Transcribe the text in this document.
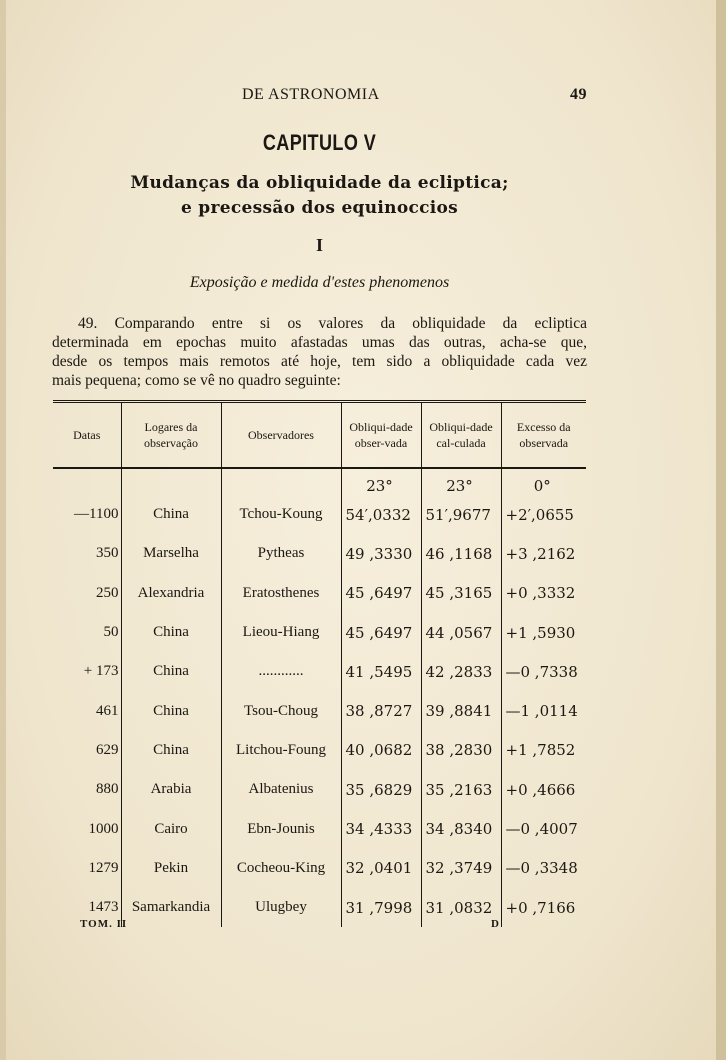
DE ASTRONOMIA	49
CAPITULO V
Mudanças da obliquidade da ecliptica;
e precessão dos equinoccios
I
Exposição e medida d'estes phenomenos
49. Comparando entre si os valores da obliquidade da ecliptica
determinada em epochas muito afastadas umas das outras, acha-se que,
desde os tempos mais remotos até hoje, tem sido a obliquidade cada vez
mais pequena; como se vê no quadro seguinte:
Datas	Logares da observação	Observadores	Obliqui-dade obser-vada	Obliqui-dade cal-culada	Excesso da observada
			23°	23°	0°
—1100	China	Tchou-Koung	54′,0332	51′,9677	+2′,0655
350	Marselha	Pytheas	49 ,3330	46 ,1168	+3 ,2162
250	Alexandria	Eratosthenes	45 ,6497	45 ,3165	+0 ,3332
50	China	Lieou-Hiang	45 ,6497	44 ,0567	+1 ,5930
+ 173	China	............	41 ,5495	42 ,2833	—0 ,7338
461	China	Tsou-Choug	38 ,8727	39 ,8841	—1 ,0114
629	China	Litchou-Foung	40 ,0682	38 ,2830	+1 ,7852
880	Arabia	Albatenius	35 ,6829	35 ,2163	+0 ,4666
1000	Cairo	Ebn-Jounis	34 ,4333	34 ,8340	—0 ,4007
1279	Pekin	Cocheou-King	32 ,0401	32 ,3749	—0 ,3348
1473	Samarkandia	Ulugbey	31 ,7998	31 ,0832	+0 ,7166
TOM. II	D
